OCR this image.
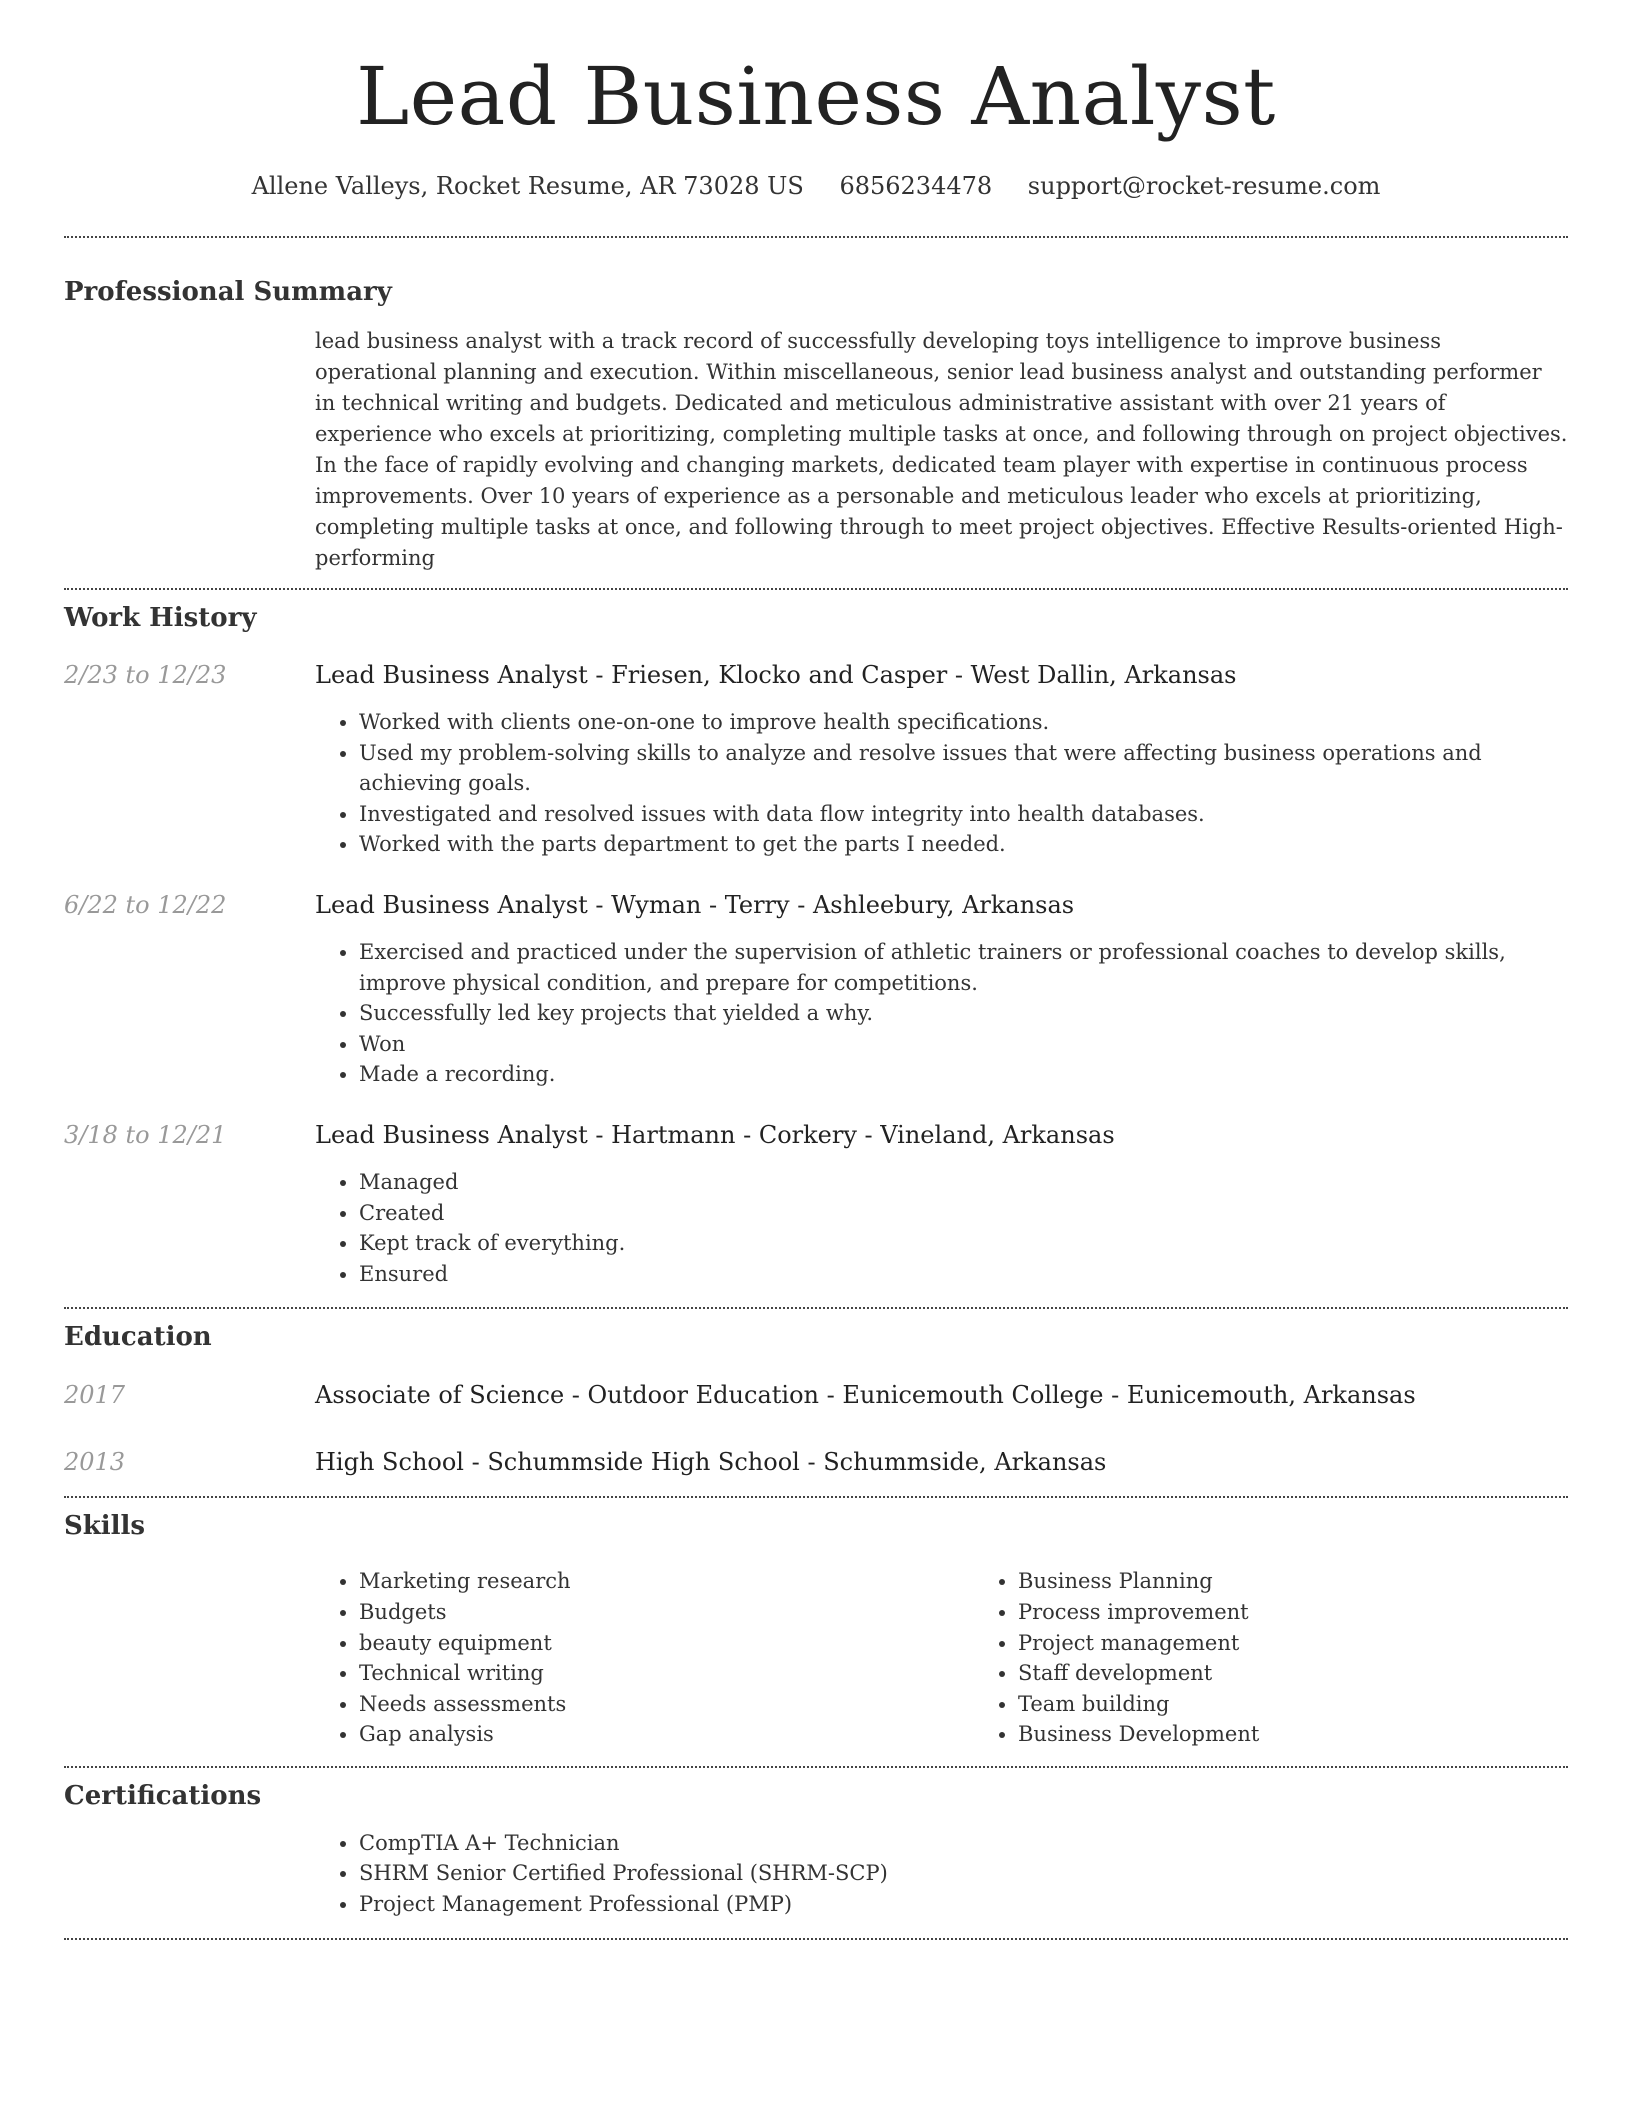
Lead Business Analyst
Allene Valleys, Rocket Resume, AR 73028 US 6856234478 support@rocket-resume.com
Professional Summary

lead business analyst with a track record of successfully developing toys intelligence to improve business operational planning and execution. Within miscellaneous, senior lead business analyst and outstanding performer in technical writing and budgets. Dedicated and meticulous administrative assistant with over 21 years of experience who excels at prioritizing, completing multiple tasks at once, and following through on project objectives. In the face of rapidly evolving and changing markets, dedicated team player with expertise in continuous process improvements. Over 10 years of experience as a personable and meticulous leader who excels at prioritizing, completing multiple tasks at once, and following through to meet project objectives. Effective Results-oriented High-performing

Work History
2/23 to 12/23	Lead Business Analyst - Friesen, Klocko and Casper - West Dallin, Arkansas
• Worked with clients one-on-one to improve health specifications.
• Used my problem-solving skills to analyze and resolve issues that were affecting business operations and achieving goals.
• Investigated and resolved issues with data flow integrity into health databases.
• Worked with the parts department to get the parts I needed.
6/22 to 12/22	Lead Business Analyst - Wyman - Terry - Ashleebury, Arkansas
• Exercised and practiced under the supervision of athletic trainers or professional coaches to develop skills, improve physical condition, and prepare for competitions.
• Successfully led key projects that yielded a why.
• Won
• Made a recording.
3/18 to 12/21	Lead Business Analyst - Hartmann - Corkery - Vineland, Arkansas
• Managed
• Created
• Kept track of everything.
• Ensured
Education
2017	Associate of Science - Outdoor Education - Eunicemouth College - Eunicemouth, Arkansas
2013	High School - Schummside High School - Schummside, Arkansas
Skills
• Marketing research
• Budgets
• beauty equipment
• Technical writing
• Needs assessments
• Gap analysis
• Business Planning
• Process improvement
• Project management
• Staff development
• Team building
• Business Development
Certifications
• CompTIA A+ Technician
• SHRM Senior Certified Professional (SHRM-SCP)
• Project Management Professional (PMP)
